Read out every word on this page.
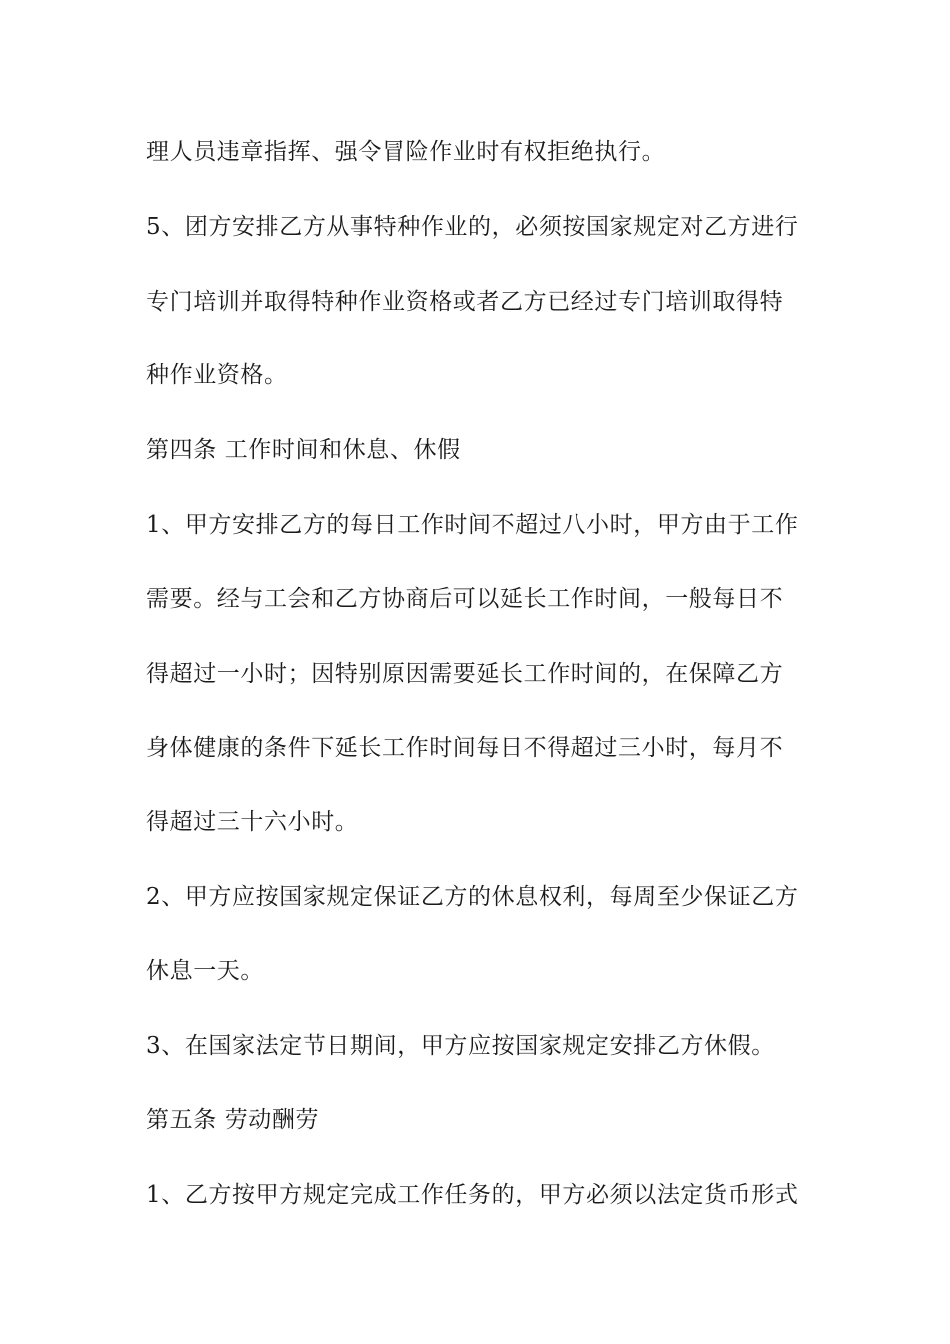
理人员违章指挥、强令冒险作业时有权拒绝执行。
5、团方安排乙方从事特种作业的，必须按国家规定对乙方进行
专门培训并取得特种作业资格或者乙方已经过专门培训取得特
种作业资格。
第四条 工作时间和休息、休假
1、甲方安排乙方的每日工作时间不超过八小时，甲方由于工作
需要。经与工会和乙方协商后可以延长工作时间，一般每日不
得超过一小时；因特别原因需要延长工作时间的，在保障乙方
身体健康的条件下延长工作时间每日不得超过三小时，每月不
得超过三十六小时。
2、甲方应按国家规定保证乙方的休息权利，每周至少保证乙方
休息一天。
3、在国家法定节日期间，甲方应按国家规定安排乙方休假。
第五条 劳动酬劳
1、乙方按甲方规定完成工作任务的，甲方必须以法定货币形式
